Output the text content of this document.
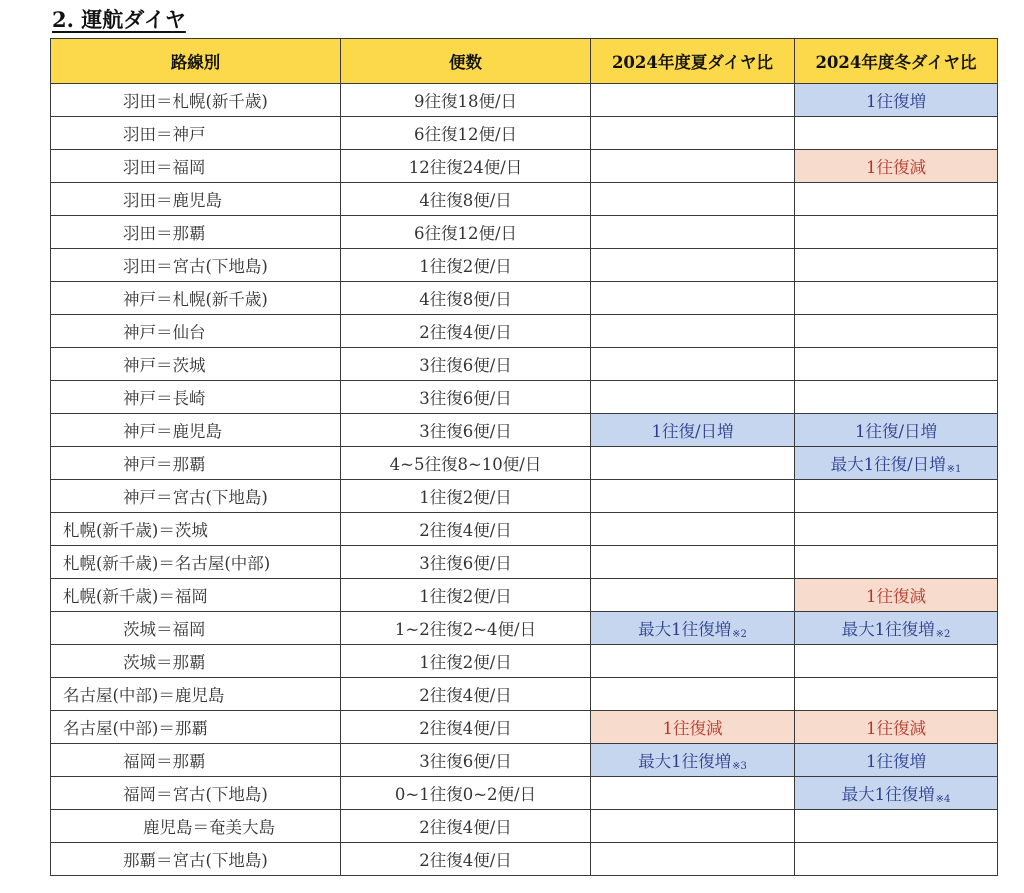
2. 運航ダイヤ
路線別	便数	2024年度夏ダイヤ比	2024年度冬ダイヤ比
羽田＝札幌(新千歳)	9往復18便/日		1往復増
羽田＝神戸	6往復12便/日		
羽田＝福岡	12往復24便/日		1往復減
羽田＝鹿児島	4往復8便/日		
羽田＝那覇	6往復12便/日		
羽田＝宮古(下地島)	1往復2便/日		
神戸＝札幌(新千歳)	4往復8便/日		
神戸＝仙台	2往復4便/日		
神戸＝茨城	3往復6便/日		
神戸＝長崎	3往復6便/日		
神戸＝鹿児島	3往復6便/日	1往復/日増	1往復/日増
神戸＝那覇	4~5往復8~10便/日		最大1往復/日増※1
神戸＝宮古(下地島)	1往復2便/日		
札幌(新千歳)＝茨城	2往復4便/日		
札幌(新千歳)＝名古屋(中部)	3往復6便/日		
札幌(新千歳)＝福岡	1往復2便/日		1往復減
茨城＝福岡	1~2往復2~4便/日	最大1往復増※2	最大1往復増※2
茨城＝那覇	1往復2便/日		
名古屋(中部)＝鹿児島	2往復4便/日		
名古屋(中部)＝那覇	2往復4便/日	1往復減	1往復減
福岡＝那覇	3往復6便/日	最大1往復増※3	1往復増
福岡＝宮古(下地島)	0~1往復0~2便/日		最大1往復増※4
鹿児島＝奄美大島	2往復4便/日		
那覇＝宮古(下地島)	2往復4便/日		
